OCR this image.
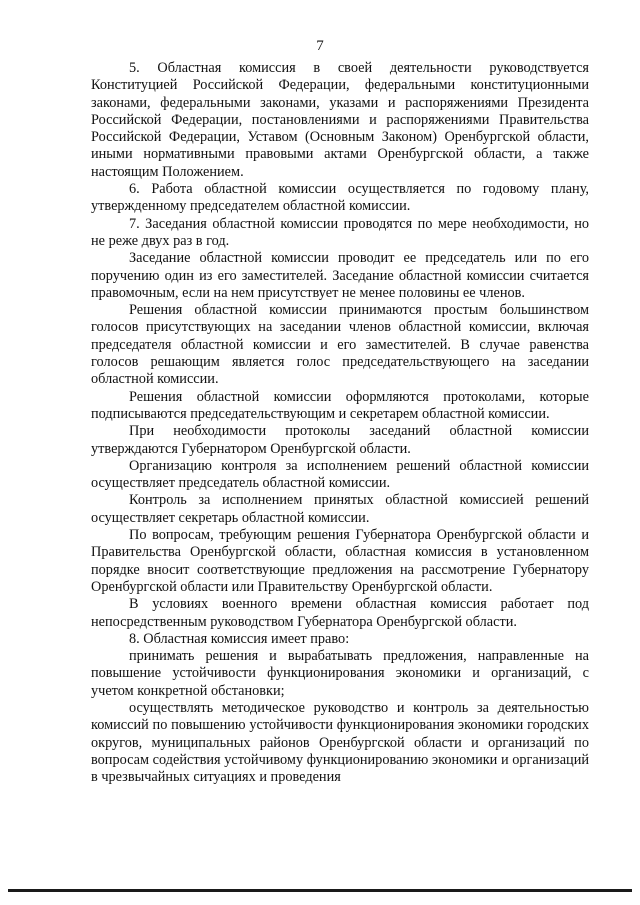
7

5. Областная комиссия в своей деятельности руководствуется Конституцией Российской Федерации, федеральными конституционными законами, федеральными законами, указами и распоряжениями Президента Российской Федерации, постановлениями и распоряжениями Правительства Российской Федерации, Уставом (Основным Законом) Оренбургской области, иными нормативными правовыми актами Оренбургской области, а также настоящим Положением.

6. Работа областной комиссии осуществляется по годовому плану, утвержденному председателем областной комиссии.

7. Заседания областной комиссии проводятся по мере необходимости, но не реже двух раз в год.

Заседание областной комиссии проводит ее председатель или по его поручению один из его заместителей. Заседание областной комиссии считается правомочным, если на нем присутствует не менее половины ее членов.

Решения областной комиссии принимаются простым большинством голосов присутствующих на заседании членов областной комиссии, включая председателя областной комиссии и его заместителей. В случае равенства голосов решающим является голос председательствующего на заседании областной комиссии.

Решения областной комиссии оформляются протоколами, которые подписываются председательствующим и секретарем областной комиссии.

При необходимости протоколы заседаний областной комиссии утверждаются Губернатором Оренбургской области.

Организацию контроля за исполнением решений областной комиссии осуществляет председатель областной комиссии.

Контроль за исполнением принятых областной комиссией решений осуществляет секретарь областной комиссии.

По вопросам, требующим решения Губернатора Оренбургской области и Правительства Оренбургской области, областная комиссия в установленном порядке вносит соответствующие предложения на рассмотрение Губернатору Оренбургской области или Правительству Оренбургской области.

В условиях военного времени областная комиссия работает под непосредственным руководством Губернатора Оренбургской области.

8. Областная комиссия имеет право:

принимать решения и вырабатывать предложения, направленные на повышение устойчивости функционирования экономики и организаций, с учетом конкретной обстановки;

осуществлять методическое руководство и контроль за деятельностью комиссий по повышению устойчивости функционирования экономики городских округов, муниципальных районов Оренбургской области и организаций по вопросам содействия устойчивому функционированию экономики и организаций в чрезвычайных ситуациях и проведения
